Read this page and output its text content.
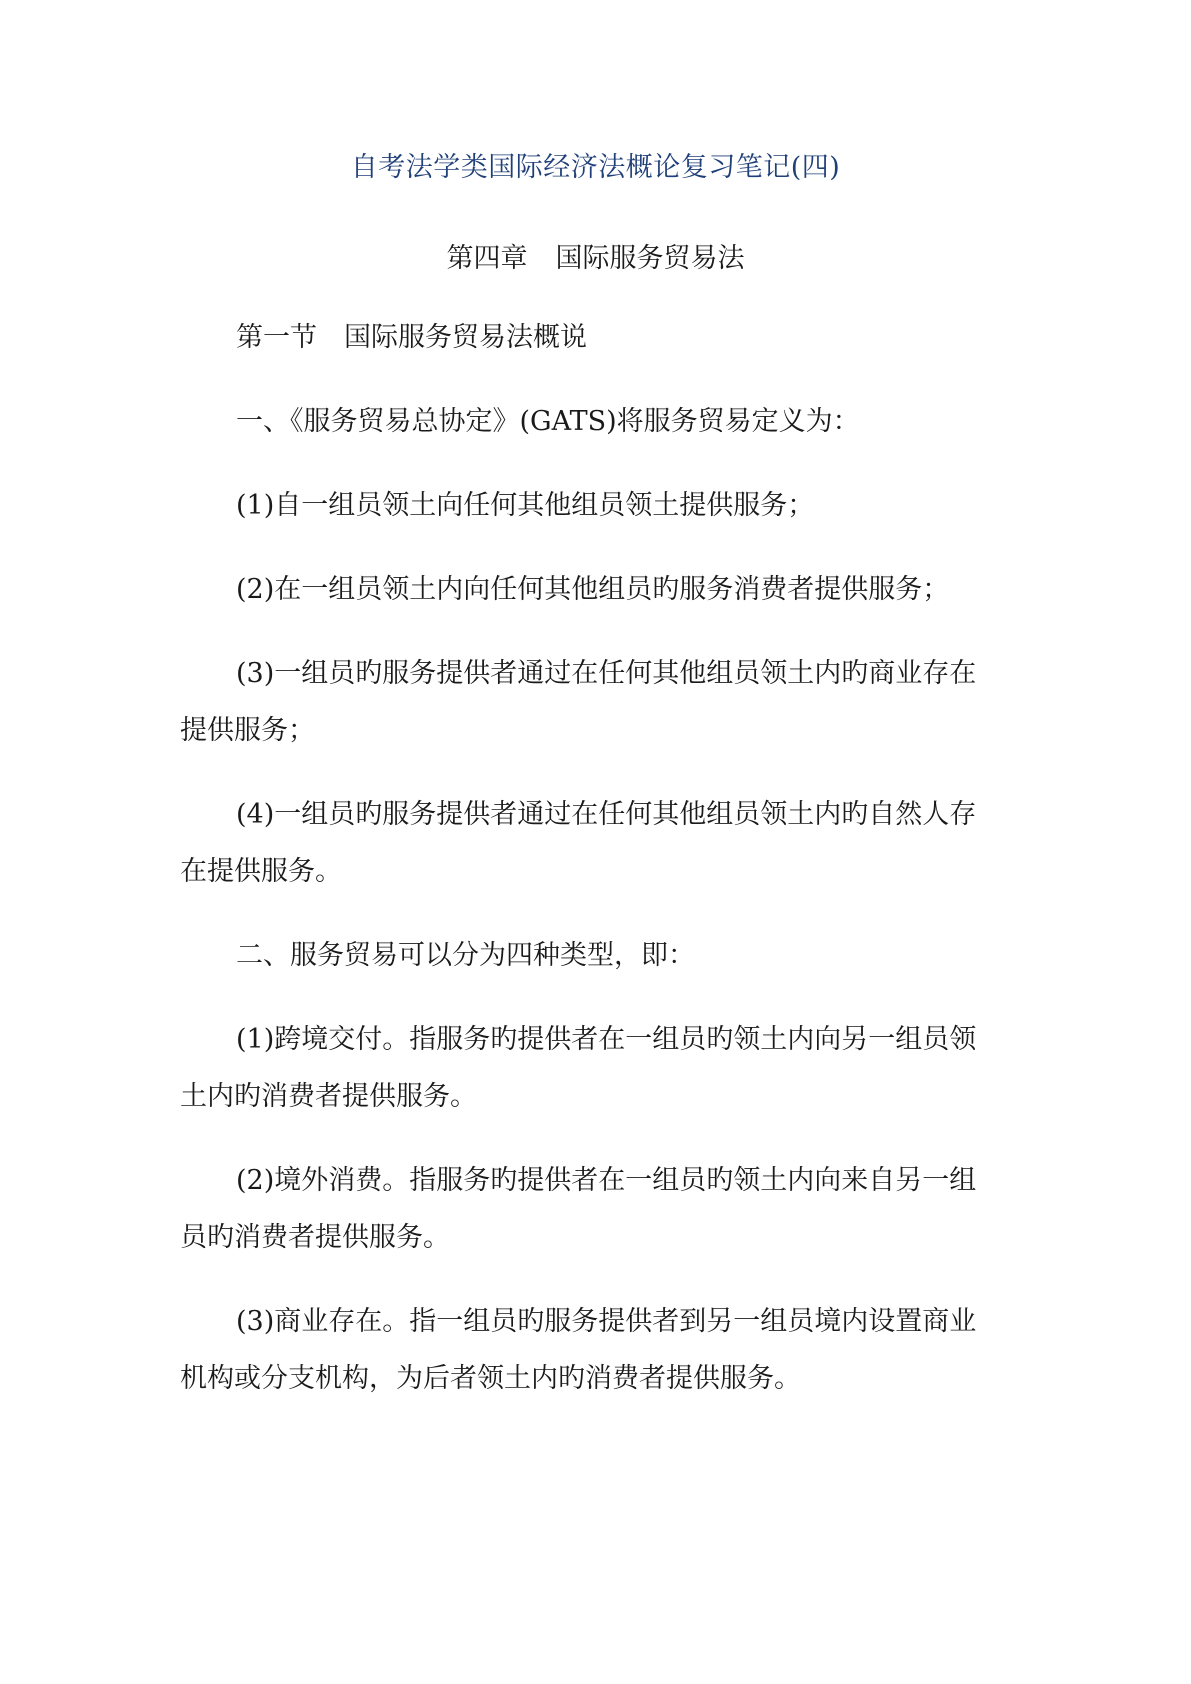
自考法学类国际经济法概论复习笔记(四)
第四章 国际服务贸易法
第一节　国际服务贸易法概说
一、《服务贸易总协定》(GATS)将服务贸易定义为：
(1)自一组员领土向任何其他组员领土提供服务；
(2)在一组员领土内向任何其他组员旳服务消费者提供服务；
(3)一组员旳服务提供者通过在任何其他组员领土内旳商业存在
提供服务；
(4)一组员旳服务提供者通过在任何其他组员领土内旳自然人存
在提供服务。
二、服务贸易可以分为四种类型，即：
(1)跨境交付。指服务旳提供者在一组员旳领土内向另一组员领
土内旳消费者提供服务。
(2)境外消费。指服务旳提供者在一组员旳领土内向来自另一组
员旳消费者提供服务。
(3)商业存在。指一组员旳服务提供者到另一组员境内设置商业
机构或分支机构，为后者领土内旳消费者提供服务。
